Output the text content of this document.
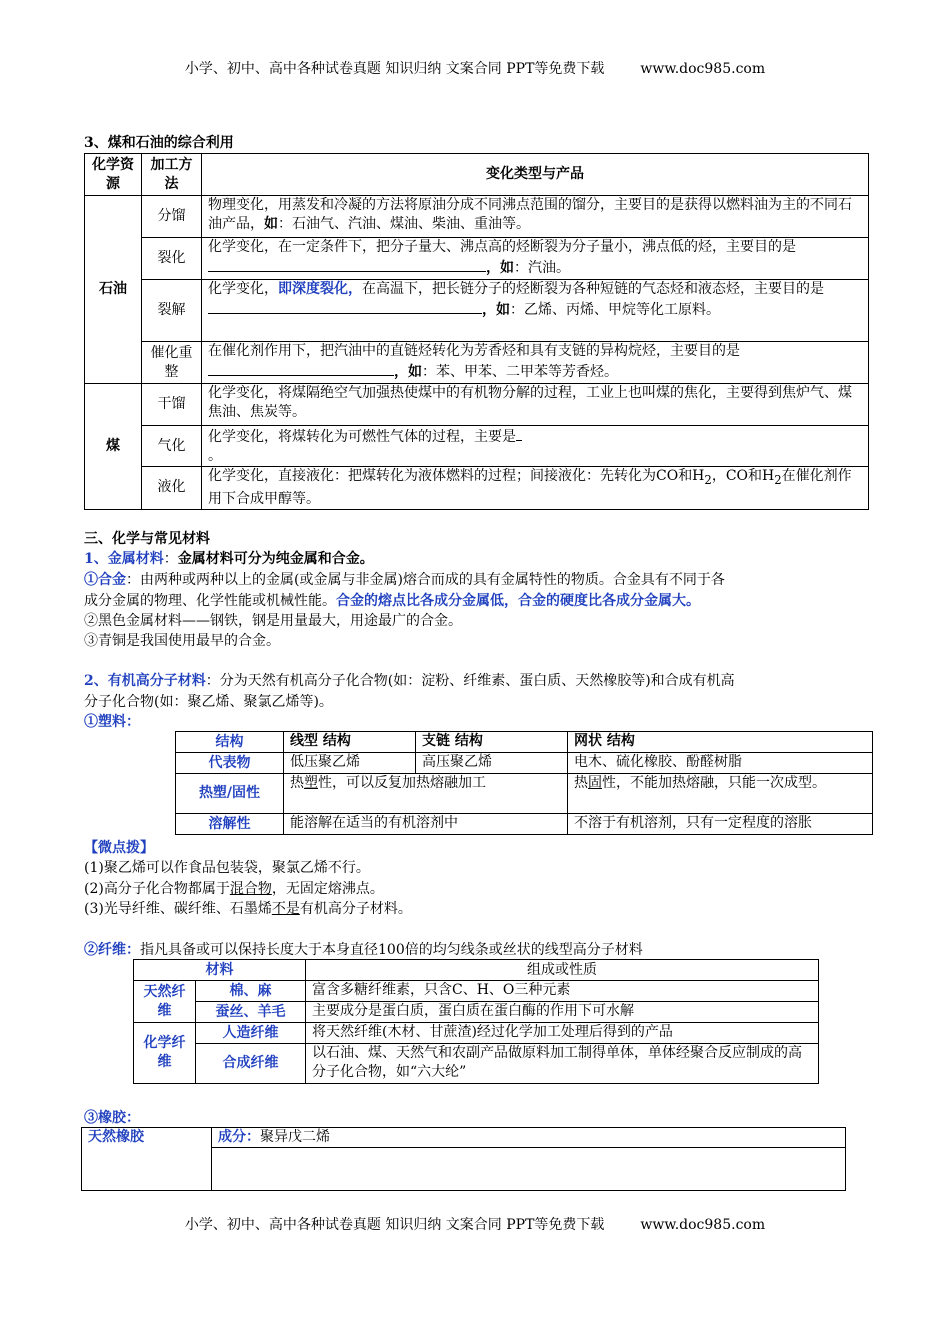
小学、初中、高中各种试卷真题 知识归纳 文案合同 PPT等免费下载	www.doc985.com
3、煤和石油的综合利用
化学资源	加工方法	变化类型与产品
石油	分馏	物理变化，用蒸发和冷凝的方法将原油分成不同沸点范围的馏分，主要目的是获得以燃料油为主的不同石油产品，如：石油气、汽油、煤油、柴油、重油等。
	裂化	化学变化，在一定条件下，把分子量大、沸点高的烃断裂为分子量小，沸点低的烃，主要目的是，如：汽油。
	裂解	化学变化，即深度裂化，在高温下，把长链分子的烃断裂为各种短链的气态烃和液态烃，主要目的是，如：乙烯、丙烯、甲烷等化工原料。
	催化重整	在催化剂作用下，把汽油中的直链烃转化为芳香烃和具有支链的异构烷烃，主要目的是，如：苯、甲苯、二甲苯等芳香烃。
煤	干馏	化学变化，将煤隔绝空气加强热使煤中的有机物分解的过程，工业上也叫煤的焦化，主要得到焦炉气、煤焦油、焦炭等。
	气化	化学变化，将煤转化为可燃性气体的过程，主要是
。
	液化	化学变化，直接液化：把煤转化为液体燃料的过程；间接液化：先转化为CO和$H_2$，CO和$H_2$在催化剂作用下合成甲醇等。
三、化学与常见材料
1、金属材料：金属材料可分为纯金属和合金。
①合金：由两种或两种以上的金属(或金属与非金属)熔合而成的具有金属特性的物质。合金具有不同于各
成分金属的物理、化学性能或机械性能。合金的熔点比各成分金属低，合金的硬度比各成分金属大。
②黑色金属材料——钢铁，钢是用量最大，用途最广的合金。
③青铜是我国使用最早的合金。
2、有机高分子材料：分为天然有机高分子化合物(如：淀粉、纤维素、蛋白质、天然橡胶等)和合成有机高
分子化合物(如：聚乙烯、聚氯乙烯等)。
①塑料：
结构	线型 结构	支链 结构	网状 结构
代表物	低压聚乙烯	高压聚乙烯	电木、硫化橡胶、酚醛树脂
热塑/固性	热塑性，可以反复加热熔融加工		热固性，不能加热熔融，只能一次成型。
溶解性	能溶解在适当的有机溶剂中		不溶于有机溶剂，只有一定程度的溶胀
【微点拨】
(1)聚乙烯可以作食品包装袋，聚氯乙烯不行。
(2)高分子化合物都属于混合物，无固定熔沸点。
(3)光导纤维、碳纤维、石墨烯不是有机高分子材料。
②纤维：指凡具备或可以保持长度大于本身直径100倍的均匀线条或丝状的线型高分子材料
材料		组成或性质
天然纤维	棉、麻	富含多糖纤维素，只含C、H、O三种元素
	蚕丝、羊毛	主要成分是蛋白质，蛋白质在蛋白酶的作用下可水解
化学纤维	人造纤维	将天然纤维(木材、甘蔗渣)经过化学加工处理后得到的产品
	合成纤维	以石油、煤、天然气和农副产品做原料加工制得单体，单体经聚合反应制成的高分子化合物，如“六大纶”
③橡胶：
天然橡胶	成分：聚异戊二烯

小学、初中、高中各种试卷真题 知识归纳 文案合同 PPT等免费下载	www.doc985.com
